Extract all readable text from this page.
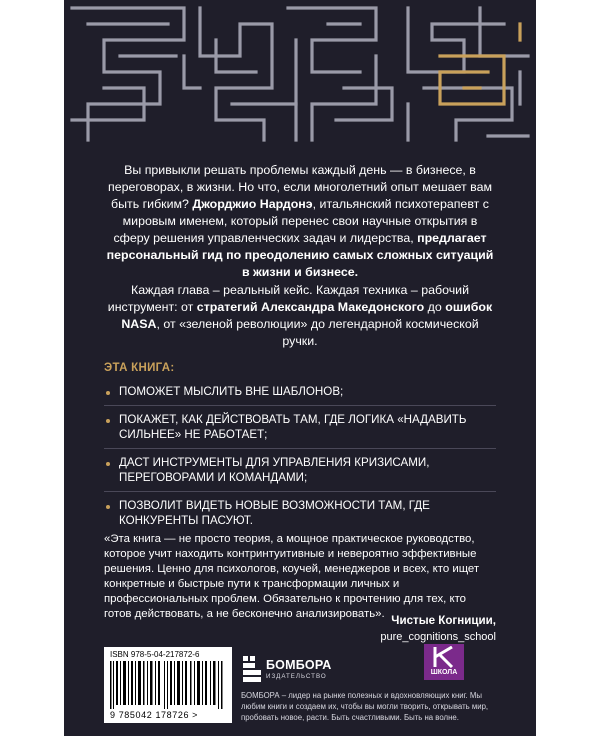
Вы привыкли решать проблемы каждый день — в бизнесе, в переговорах, в жизни. Но что, если многолетний опыт мешает вам быть гибким? Джорджио Нардонэ, итальянский психотерапевт с мировым именем, который перенес свои научные открытия в сферу решения управленческих задач и лидерства, предлагает персональный гид по преодолению самых сложных ситуаций в жизни и бизнесе.
Каждая глава – реальный кейс. Каждая техника – рабочий инструмент: от стратегий Александра Македонского до ошибок NASA, от «зеленой революции» до легендарной космической ручки.
ЭТА КНИГА:
ПОМОЖЕТ МЫСЛИТЬ ВНЕ ШАБЛОНОВ;
ПОКАЖЕТ, КАК ДЕЙСТВОВАТЬ ТАМ, ГДЕ ЛОГИКА «НАДАВИТЬ СИЛЬНЕЕ» НЕ РАБОТАЕТ;
ДАСТ ИНСТРУМЕНТЫ ДЛЯ УПРАВЛЕНИЯ КРИЗИСАМИ, ПЕРЕГОВОРАМИ И КОМАНДАМИ;
ПОЗВОЛИТ ВИДЕТЬ НОВЫЕ ВОЗМОЖНОСТИ ТАМ, ГДЕ КОНКУРЕНТЫ ПАСУЮТ.
«Эта книга — не просто теория, а мощное практическое руководство, которое учит находить контринтуитивные и невероятно эффективные решения. Ценно для психологов, коучей, менеджеров и всех, кто ищет конкретные и быстрые пути к трансформации личных и профессиональных проблем. Обязательно к прочтению для тех, кто готов действовать, а не бесконечно анализировать». Чистые Когниции,
pure_cognitions_school
ISBN 978-5-04-217872-6
9 785042 178726 >
БОМБОРА
ИЗДАТЕЛЬСТВО
ШКОЛА
БОМБОРА – лидер на рынке полезных и вдохновляющих книг. Мы любим книги и создаем их, чтобы вы могли творить, открывать мир, пробовать новое, расти. Быть счастливыми. Быть на волне.
